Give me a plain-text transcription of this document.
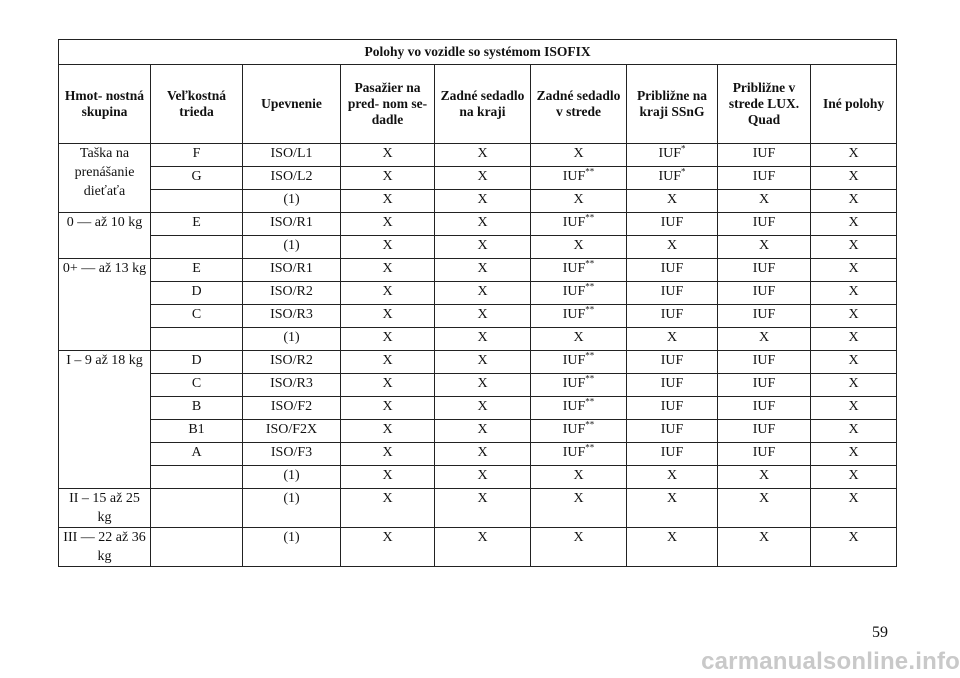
Polohy vo vozidle so systémom ISOFIX								
Hmot- nostná skupina	Veľkostná trieda	Upevnenie	Pasažier na pred- nom se- dadle	Zadné sedadlo na kraji	Zadné sedadlo v strede	Približne na kraji SSnG	Približne v strede LUX. Quad	Iné polohy
Taška na prenášanie dieťaťa	F	ISO/L1	X	X	X	IUF*	IUF	X
	G	ISO/L2	X	X	IUF**	IUF*	IUF	X
		(1)	X	X	X	X	X	X
0 — až 10 kg	E	ISO/R1	X	X	IUF**	IUF	IUF	X
		(1)	X	X	X	X	X	X
0+ — až 13 kg	E	ISO/R1	X	X	IUF**	IUF	IUF	X
	D	ISO/R2	X	X	IUF**	IUF	IUF	X
	C	ISO/R3	X	X	IUF**	IUF	IUF	X
		(1)	X	X	X	X	X	X
I – 9 až 18 kg	D	ISO/R2	X	X	IUF**	IUF	IUF	X
	C	ISO/R3	X	X	IUF**	IUF	IUF	X
	B	ISO/F2	X	X	IUF**	IUF	IUF	X
	B1	ISO/F2X	X	X	IUF**	IUF	IUF	X
	A	ISO/F3	X	X	IUF**	IUF	IUF	X
		(1)	X	X	X	X	X	X
II – 15 až 25 kg		(1)	X	X	X	X	X	X
III — 22 až 36 kg		(1)	X	X	X	X	X	X
59
carmanualsonline.info
